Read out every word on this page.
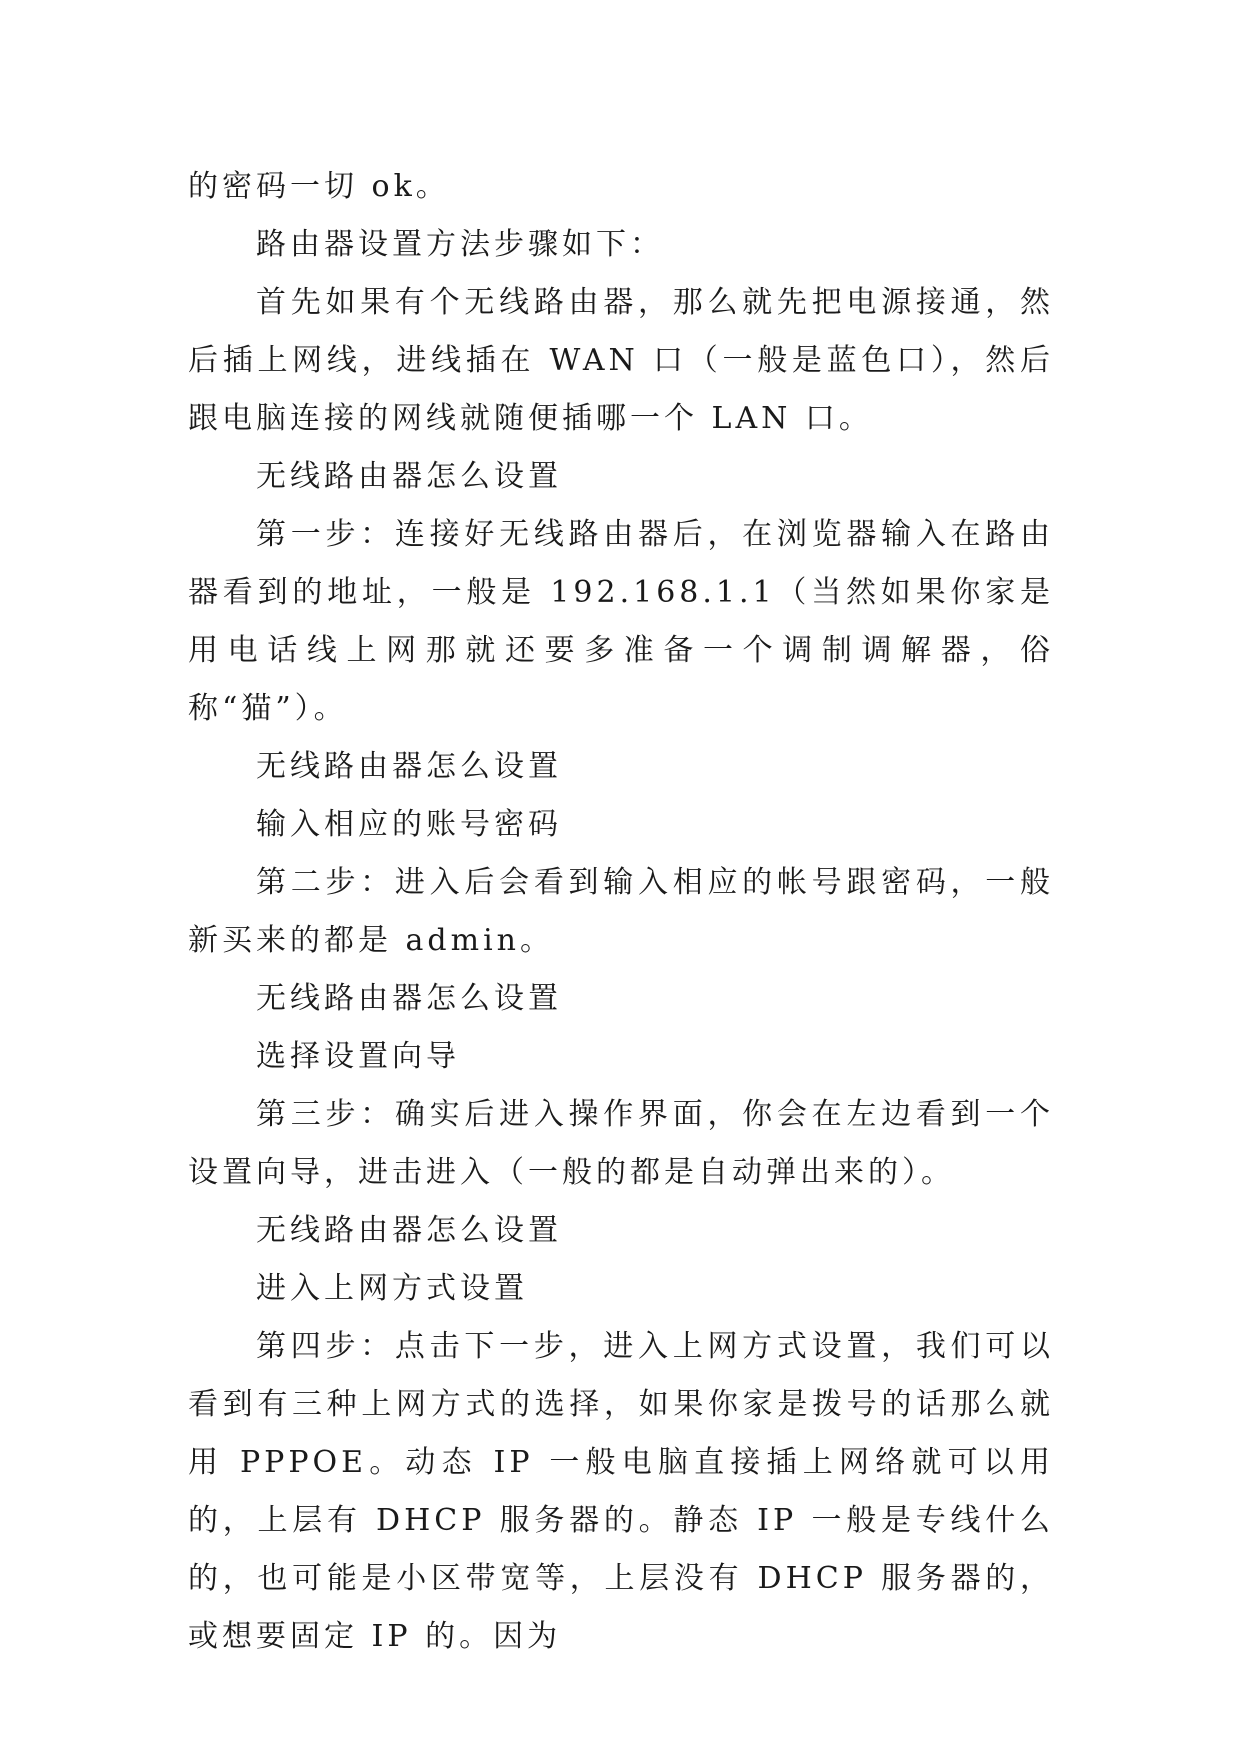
的密码一切 ok。

路由器设置方法步骤如下：

首先如果有个无线路由器，那么就先把电源接通，然后插上网线，进线插在 WAN 口（一般是蓝色口），然后跟电脑连接的网线就随便插哪一个 LAN 口。

无线路由器怎么设置

第一步：连接好无线路由器后，在浏览器输入在路由器看到的地址，一般是 192.168.1.1（当然如果你家是用电话线上网那就还要多准备一个调制调解器，俗称“猫”）。

无线路由器怎么设置

输入相应的账号密码

第二步：进入后会看到输入相应的帐号跟密码，一般新买来的都是 admin。

无线路由器怎么设置

选择设置向导

第三步：确实后进入操作界面，你会在左边看到一个设置向导，进击进入（一般的都是自动弹出来的）。

无线路由器怎么设置

进入上网方式设置

第四步：点击下一步，进入上网方式设置，我们可以看到有三种上网方式的选择，如果你家是拨号的话那么就用 PPPOE。动态 IP 一般电脑直接插上网络就可以用的，上层有 DHCP 服务器的。静态 IP 一般是专线什么的，也可能是小区带宽等，上层没有 DHCP 服务器的，或想要固定 IP 的。因为
